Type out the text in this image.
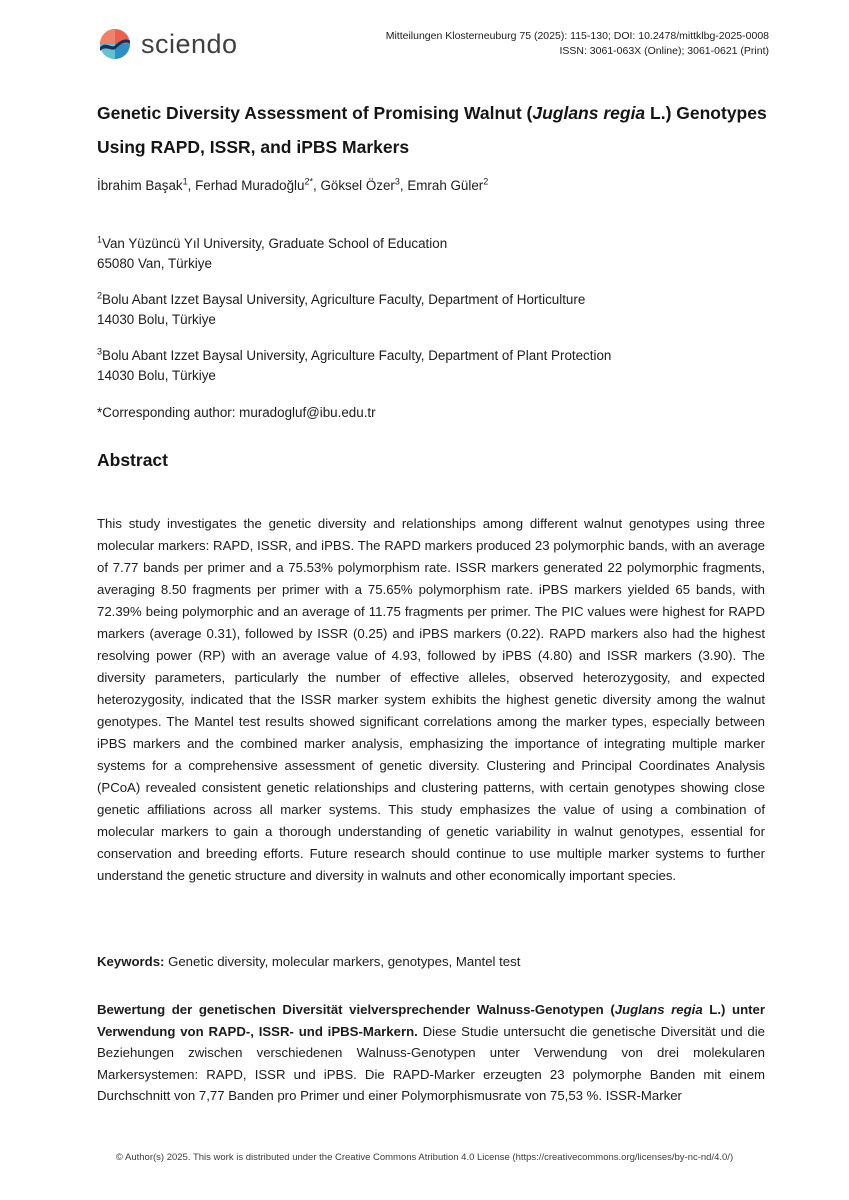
sciendo	Mitteilungen Klosterneuburg 75 (2025): 115-130; DOI: 10.2478/mittklbg-2025-0008
ISSN: 3061-063X (Online); 3061-0621 (Print)
Genetic Diversity Assessment of Promising Walnut (Juglans regia L.) Genotypes Using RAPD, ISSR, and iPBS Markers
İbrahim Başak$^1$, Ferhad Muradoğlu$^{2*}$, Göksel Özer$^3$, Emrah Güler$^2$

$^1$Van Yüzüncü Yıl University, Graduate School of Education
65080 Van, Türkiye

$^2$Bolu Abant Izzet Baysal University, Agriculture Faculty, Department of Horticulture
14030 Bolu, Türkiye

$^3$Bolu Abant Izzet Baysal University, Agriculture Faculty, Department of Plant Protection
14030 Bolu, Türkiye

*Corresponding author: muradogluf@ibu.edu.tr
Abstract
This study investigates the genetic diversity and relationships among different walnut genotypes using three molecular markers: RAPD, ISSR, and iPBS. The RAPD markers produced 23 polymorphic bands, with an average of 7.77 bands per primer and a 75.53% polymorphism rate. ISSR markers generated 22 polymorphic fragments, averaging 8.50 fragments per primer with a 75.65% polymorphism rate. iPBS markers yielded 65 bands, with 72.39% being polymorphic and an average of 11.75 fragments per primer. The PIC values were highest for RAPD markers (average 0.31), followed by ISSR (0.25) and iPBS markers (0.22). RAPD markers also had the highest resolving power (RP) with an average value of 4.93, followed by iPBS (4.80) and ISSR markers (3.90). The diversity parameters, particularly the number of effective alleles, observed heterozygosity, and expected heterozygosity, indicated that the ISSR marker system exhibits the highest genetic diversity among the walnut genotypes. The Mantel test results showed significant correlations among the marker types, especially between iPBS markers and the combined marker analysis, emphasizing the importance of integrating multiple marker systems for a comprehensive assessment of genetic diversity. Clustering and Principal Coordinates Analysis (PCoA) revealed consistent genetic relationships and clustering patterns, with certain genotypes showing close genetic affiliations across all marker systems. This study emphasizes the value of using a combination of molecular markers to gain a thorough understanding of genetic variability in walnut genotypes, essential for conservation and breeding efforts. Future research should continue to use multiple marker systems to further understand the genetic structure and diversity in walnuts and other economically important species.
Keywords: Genetic diversity, molecular markers, genotypes, Mantel test
Bewertung der genetischen Diversität vielversprechender Walnuss-Genotypen (Juglans regia L.) unter Verwendung von RAPD-, ISSR- und iPBS-Markern. Diese Studie untersucht die genetische Diversität und die Beziehungen zwischen verschiedenen Walnuss-Genotypen unter Verwendung von drei molekularen Markersystemen: RAPD, ISSR und iPBS. Die RAPD-Marker erzeugten 23 polymorphe Banden mit einem Durchschnitt von 7,77 Banden pro Primer und einer Polymorphismusrate von 75,53 %. ISSR-Marker
© Author(s) 2025. This work is distributed under the Creative Commons Atribution 4.0 License (https://creativecommons.org/licenses/by-nc-nd/4.0/)
